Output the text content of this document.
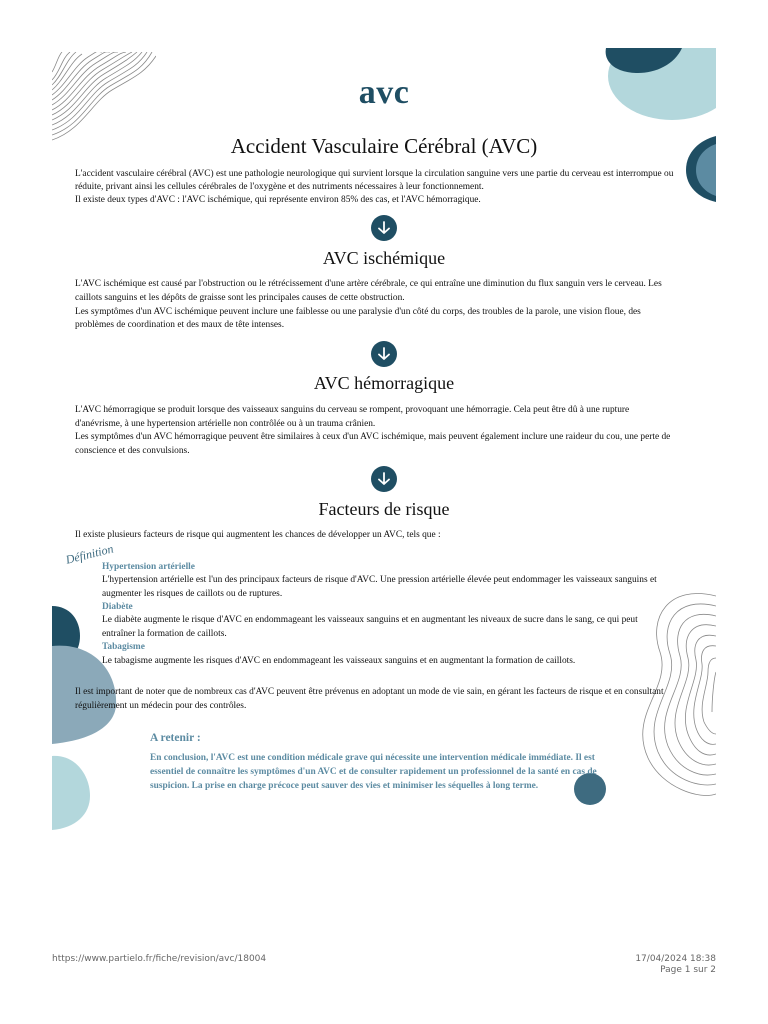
avc
Accident Vasculaire Cérébral (AVC)

L'accident vasculaire cérébral (AVC) est une pathologie neurologique qui survient lorsque la circulation sanguine vers une partie du cerveau est interrompue ou

réduite, privant ainsi les cellules cérébrales de l'oxygène et des nutriments nécessaires à leur fonctionnement.

Il existe deux types d'AVC : l'AVC ischémique, qui représente environ 85% des cas, et l'AVC hémorragique.

AVC ischémique

L'AVC ischémique est causé par l'obstruction ou le rétrécissement d'une artère cérébrale, ce qui entraîne une diminution du flux sanguin vers le cerveau. Les

caillots sanguins et les dépôts de graisse sont les principales causes de cette obstruction.

Les symptômes d'un AVC ischémique peuvent inclure une faiblesse ou une paralysie d'un côté du corps, des troubles de la parole, une vision floue, des

problèmes de coordination et des maux de tête intenses.

AVC hémorragique

L'AVC hémorragique se produit lorsque des vaisseaux sanguins du cerveau se rompent, provoquant une hémorragie. Cela peut être dû à une rupture

d'anévrisme, à une hypertension artérielle non contrôlée ou à un trauma crânien.

Les symptômes d'un AVC hémorragique peuvent être similaires à ceux d'un AVC ischémique, mais peuvent également inclure une raideur du cou, une perte de

conscience et des convulsions.

Facteurs de risque

Il existe plusieurs facteurs de risque qui augmentent les chances de développer un AVC, tels que :

Définition

Hypertension artérielle

L'hypertension artérielle est l'un des principaux facteurs de risque d'AVC. Une pression artérielle élevée peut endommager les vaisseaux sanguins et

augmenter les risques de caillots ou de ruptures.

Diabète

Le diabète augmente le risque d'AVC en endommageant les vaisseaux sanguins et en augmentant les niveaux de sucre dans le sang, ce qui peut

entraîner la formation de caillots.

Tabagisme

Le tabagisme augmente les risques d'AVC en endommageant les vaisseaux sanguins et en augmentant la formation de caillots.

Il est important de noter que de nombreux cas d'AVC peuvent être prévenus en adoptant un mode de vie sain, en gérant les facteurs de risque et en consultant

régulièrement un médecin pour des contrôles.

A retenir :

En conclusion, l'AVC est une condition médicale grave qui nécessite une intervention médicale immédiate. Il est

essentiel de connaître les symptômes d'un AVC et de consulter rapidement un professionnel de la santé en cas de

suspicion. La prise en charge précoce peut sauver des vies et minimiser les séquelles à long terme.

https://www.partielo.fr/fiche/revision/avc/18004	17/04/2024 18:38
Page 1 sur 2
